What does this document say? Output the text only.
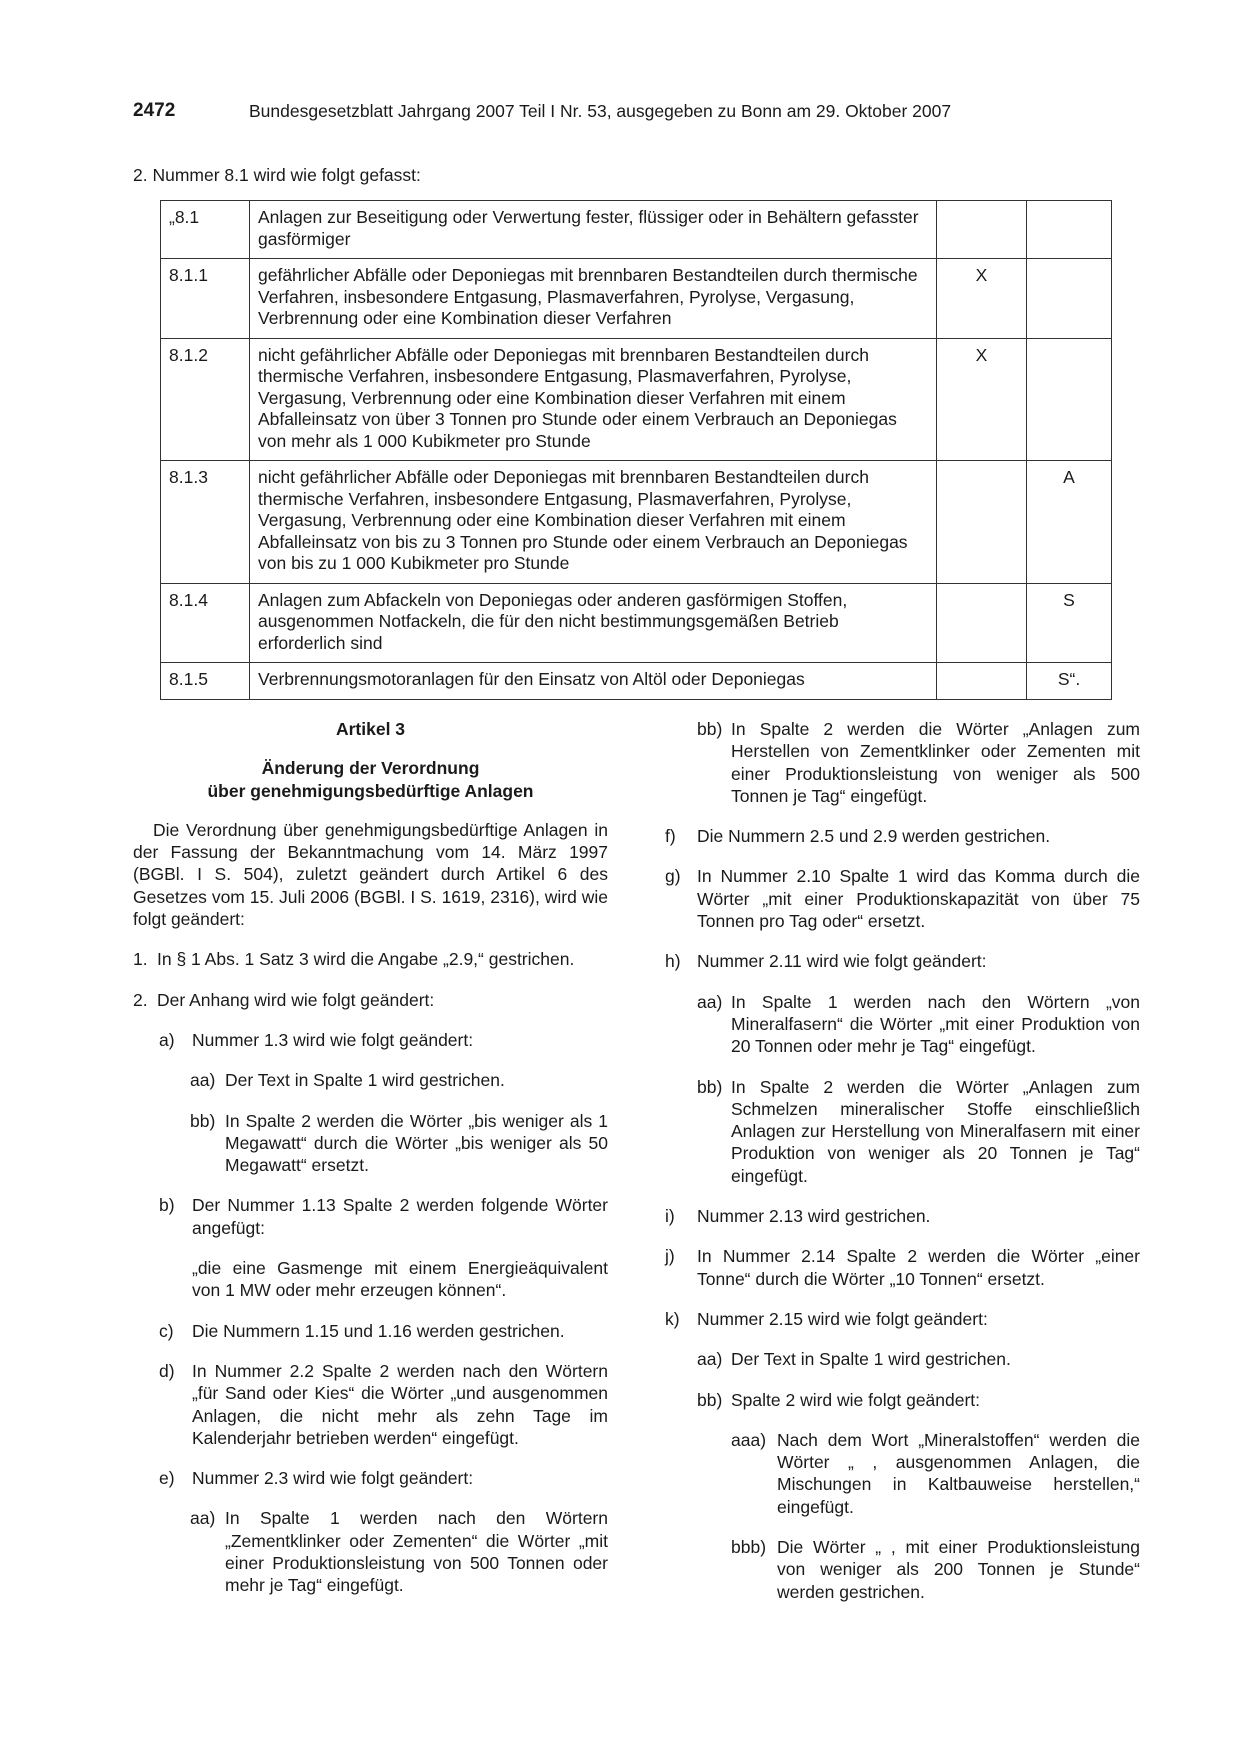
2472	Bundesgesetzblatt Jahrgang 2007 Teil I Nr. 53, ausgegeben zu Bonn am 29. Oktober 2007
2. Nummer 8.1 wird wie folgt gefasst:
„8.1	Anlagen zur Beseitigung oder Verwertung fester, flüssiger oder in Behältern gefasster gasförmiger		
8.1.1	gefährlicher Abfälle oder Deponiegas mit brennbaren Bestandteilen durch thermische Verfahren, insbesondere Entgasung, Plasmaverfahren, Pyrolyse, Vergasung, Verbrennung oder eine Kombination dieser Verfahren	X	
8.1.2	nicht gefährlicher Abfälle oder Deponiegas mit brennbaren Bestandteilen durch thermische Verfahren, insbesondere Entgasung, Plasmaverfahren, Pyrolyse, Vergasung, Verbrennung oder eine Kombination dieser Verfahren mit einem Abfalleinsatz von über 3 Tonnen pro Stunde oder einem Verbrauch an Deponiegas von mehr als 1 000 Kubikmeter pro Stunde	X	
8.1.3	nicht gefährlicher Abfälle oder Deponiegas mit brennbaren Bestandteilen durch thermische Verfahren, insbesondere Entgasung, Plasmaverfahren, Pyrolyse, Vergasung, Verbrennung oder eine Kombination dieser Verfahren mit einem Abfalleinsatz von bis zu 3 Tonnen pro Stunde oder einem Verbrauch an Deponiegas von bis zu 1 000 Kubikmeter pro Stunde		A
8.1.4	Anlagen zum Abfackeln von Deponiegas oder anderen gasförmigen Stoffen, ausgenommen Notfackeln, die für den nicht bestimmungsgemäßen Betrieb erforderlich sind		S
8.1.5	Verbrennungsmotoranlagen für den Einsatz von Altöl oder Deponiegas		S“.

Artikel 3

Änderung der Verordnung
über genehmigungsbedürftige Anlagen

Die Verordnung über genehmigungsbedürftige Anlagen in der Fassung der Bekanntmachung vom 14. März 1997 (BGBl. I S. 504), zuletzt geändert durch Artikel 6 des Gesetzes vom 15. Juli 2006 (BGBl. I S. 1619, 2316), wird wie folgt geändert:

1. In § 1 Abs. 1 Satz 3 wird die Angabe „2.9,“ gestrichen.

2. Der Anhang wird wie folgt geändert:

a) Nummer 1.3 wird wie folgt geändert:

aa) Der Text in Spalte 1 wird gestrichen.

bb) In Spalte 2 werden die Wörter „bis weniger als 1 Megawatt“ durch die Wörter „bis weniger als 50 Megawatt“ ersetzt.

b) Der Nummer 1.13 Spalte 2 werden folgende Wörter angefügt:

„die eine Gasmenge mit einem Energieäquivalent von 1 MW oder mehr erzeugen können“.

c) Die Nummern 1.15 und 1.16 werden gestrichen.

d) In Nummer 2.2 Spalte 2 werden nach den Wörtern „für Sand oder Kies“ die Wörter „und ausgenommen Anlagen, die nicht mehr als zehn Tage im Kalenderjahr betrieben werden“ eingefügt.

e) Nummer 2.3 wird wie folgt geändert:

aa) In Spalte 1 werden nach den Wörtern „Zementklinker oder Zementen“ die Wörter „mit einer Produktionsleistung von 500 Tonnen oder mehr je Tag“ eingefügt.

bb) In Spalte 2 werden die Wörter „Anlagen zum Herstellen von Zementklinker oder Zementen mit einer Produktionsleistung von weniger als 500 Tonnen je Tag“ eingefügt.

f) Die Nummern 2.5 und 2.9 werden gestrichen.

g) In Nummer 2.10 Spalte 1 wird das Komma durch die Wörter „mit einer Produktionskapazität von über 75 Tonnen pro Tag oder“ ersetzt.

h) Nummer 2.11 wird wie folgt geändert:

aa) In Spalte 1 werden nach den Wörtern „von Mineralfasern“ die Wörter „mit einer Produktion von 20 Tonnen oder mehr je Tag“ eingefügt.

bb) In Spalte 2 werden die Wörter „Anlagen zum Schmelzen mineralischer Stoffe einschließlich Anlagen zur Herstellung von Mineralfasern mit einer Produktion von weniger als 20 Tonnen je Tag“ eingefügt.

i) Nummer 2.13 wird gestrichen.

j) In Nummer 2.14 Spalte 2 werden die Wörter „einer Tonne“ durch die Wörter „10 Tonnen“ ersetzt.

k) Nummer 2.15 wird wie folgt geändert:

aa) Der Text in Spalte 1 wird gestrichen.

bb) Spalte 2 wird wie folgt geändert:

aaa) Nach dem Wort „Mineralstoffen“ werden die Wörter „ , ausgenommen Anlagen, die Mischungen in Kaltbauweise herstellen,“ eingefügt.

bbb) Die Wörter „ , mit einer Produktionsleistung von weniger als 200 Tonnen je Stunde“ werden gestrichen.
